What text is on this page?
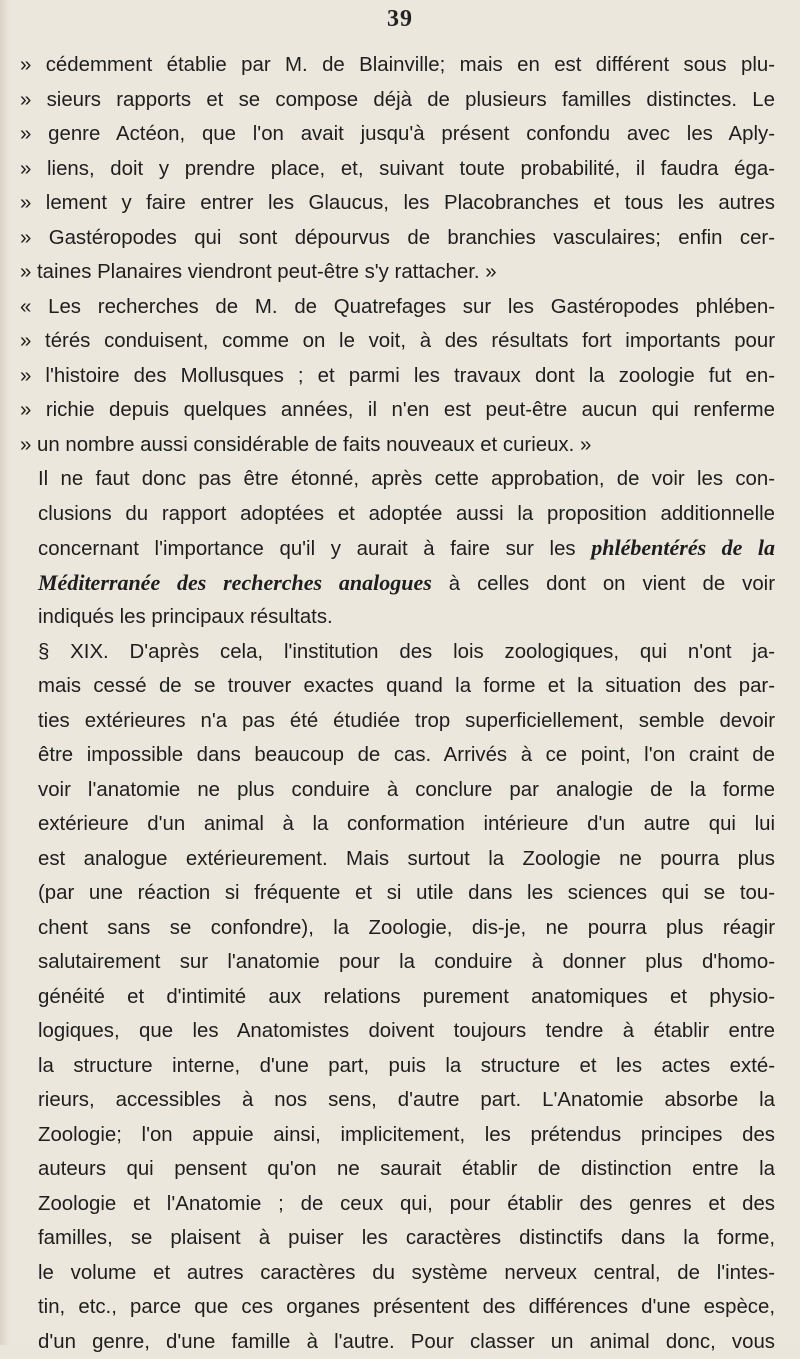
39
» cédemment établie par M. de Blainville; mais en est différent sous plu-
» sieurs rapports et se compose déjà de plusieurs familles distinctes. Le
» genre Actéon, que l'on avait jusqu'à présent confondu avec les Aply-
» liens, doit y prendre place, et, suivant toute probabilité, il faudra éga-
» lement y faire entrer les Glaucus, les Placobranches et tous les autres
» Gastéropodes qui sont dépourvus de branchies vasculaires; enfin cer-
» taines Planaires viendront peut-être s'y rattacher. »
« Les recherches de M. de Quatrefages sur les Gastéropodes phlében-
» térés conduisent, comme on le voit, à des résultats fort importants pour
» l'histoire des Mollusques ; et parmi les travaux dont la zoologie fut en-
» richie depuis quelques années, il n'en est peut-être aucun qui renferme
» un nombre aussi considérable de faits nouveaux et curieux. »
Il ne faut donc pas être étonné, après cette approbation, de voir les con-
clusions du rapport adoptées et adoptée aussi la proposition additionnelle
concernant l'importance qu'il y aurait à faire sur les phlébentérés de la
Méditerranée des recherches analogues à celles dont on vient de voir
indiqués les principaux résultats.
§ XIX. D'après cela, l'institution des lois zoologiques, qui n'ont ja-
mais cessé de se trouver exactes quand la forme et la situation des par-
ties extérieures n'a pas été étudiée trop superficiellement, semble devoir
être impossible dans beaucoup de cas. Arrivés à ce point, l'on craint de
voir l'anatomie ne plus conduire à conclure par analogie de la forme
extérieure d'un animal à la conformation intérieure d'un autre qui lui
est analogue extérieurement. Mais surtout la Zoologie ne pourra plus
(par une réaction si fréquente et si utile dans les sciences qui se tou-
chent sans se confondre), la Zoologie, dis-je, ne pourra plus réagir
salutairement sur l'anatomie pour la conduire à donner plus d'homo-
généité et d'intimité aux relations purement anatomiques et physio-
logiques, que les Anatomistes doivent toujours tendre à établir entre
la structure interne, d'une part, puis la structure et les actes exté-
rieurs, accessibles à nos sens, d'autre part. L'Anatomie absorbe la
Zoologie; l'on appuie ainsi, implicitement, les prétendus principes des
auteurs qui pensent qu'on ne saurait établir de distinction entre la
Zoologie et l'Anatomie ; de ceux qui, pour établir des genres et des
familles, se plaisent à puiser les caractères distinctifs dans la forme,
le volume et autres caractères du système nerveux central, de l'intes-
tin, etc., parce que ces organes présentent des différences d'une espèce,
d'un genre, d'une famille à l'autre. Pour classer un animal donc, vous
